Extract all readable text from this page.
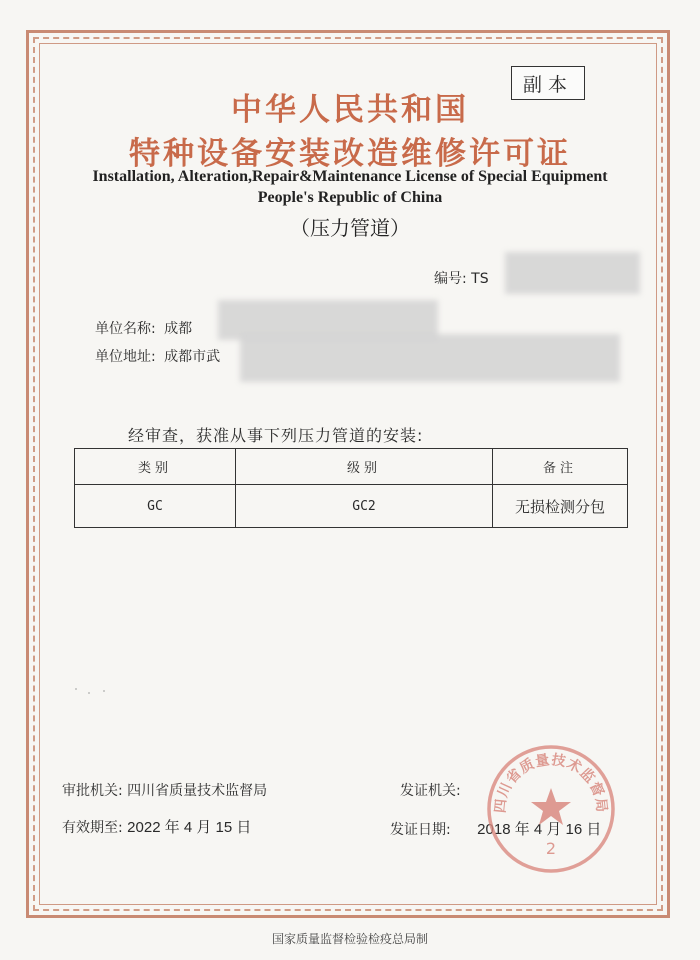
副本
中华人民共和国
特种设备安装改造维修许可证
Installation, Alteration,Repair&Maintenance License of Special Equipment
People's Republic of China
（压力管道）
编号: TS
单位名称: 成都
单位地址: 成都市武
经审查，获准从事下列压力管道的安装:
类别	级别	备注
GC	GC2	无损检测分包
审批机关: 四川省质量技术监督局
有效期至: 2022 年 4 月 15 日
发证机关:
发证日期: 2018 年 4 月 16 日
四川省质量技术监督局
2
国家质量监督检验检疫总局制
